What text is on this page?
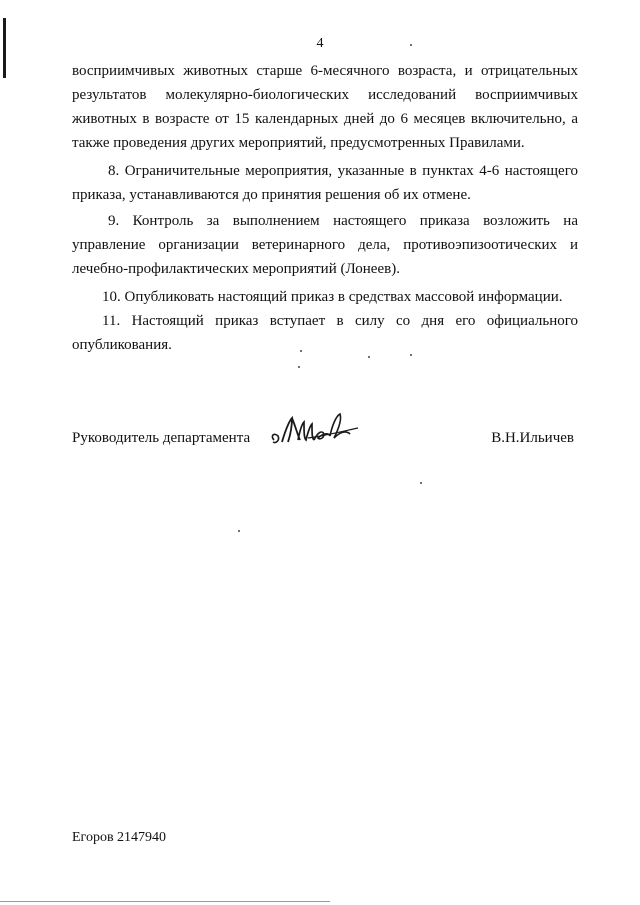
4
восприимчивых животных старше 6-месячного возраста, и отрицательных
результатов молекулярно-биологических исследований восприимчивых
животных в возрасте от 15 календарных дней до 6 месяцев включительно, а
также проведения других мероприятий, предусмотренных Правилами.
8. Ограничительные мероприятия, указанные в пунктах 4-6 настоящего
приказа, устанавливаются до принятия решения об их отмене.
9. Контроль за выполнением настоящего приказа возложить на
управление организации ветеринарного дела, противоэпизоотических и
лечебно-профилактических мероприятий (Лонеев).
10. Опубликовать настоящий приказ в средствах массовой информации.
11. Настоящий приказ вступает в силу со дня его официального
опубликования.
Руководитель департамента	В.Н.Ильичев
Егоров 2147940
